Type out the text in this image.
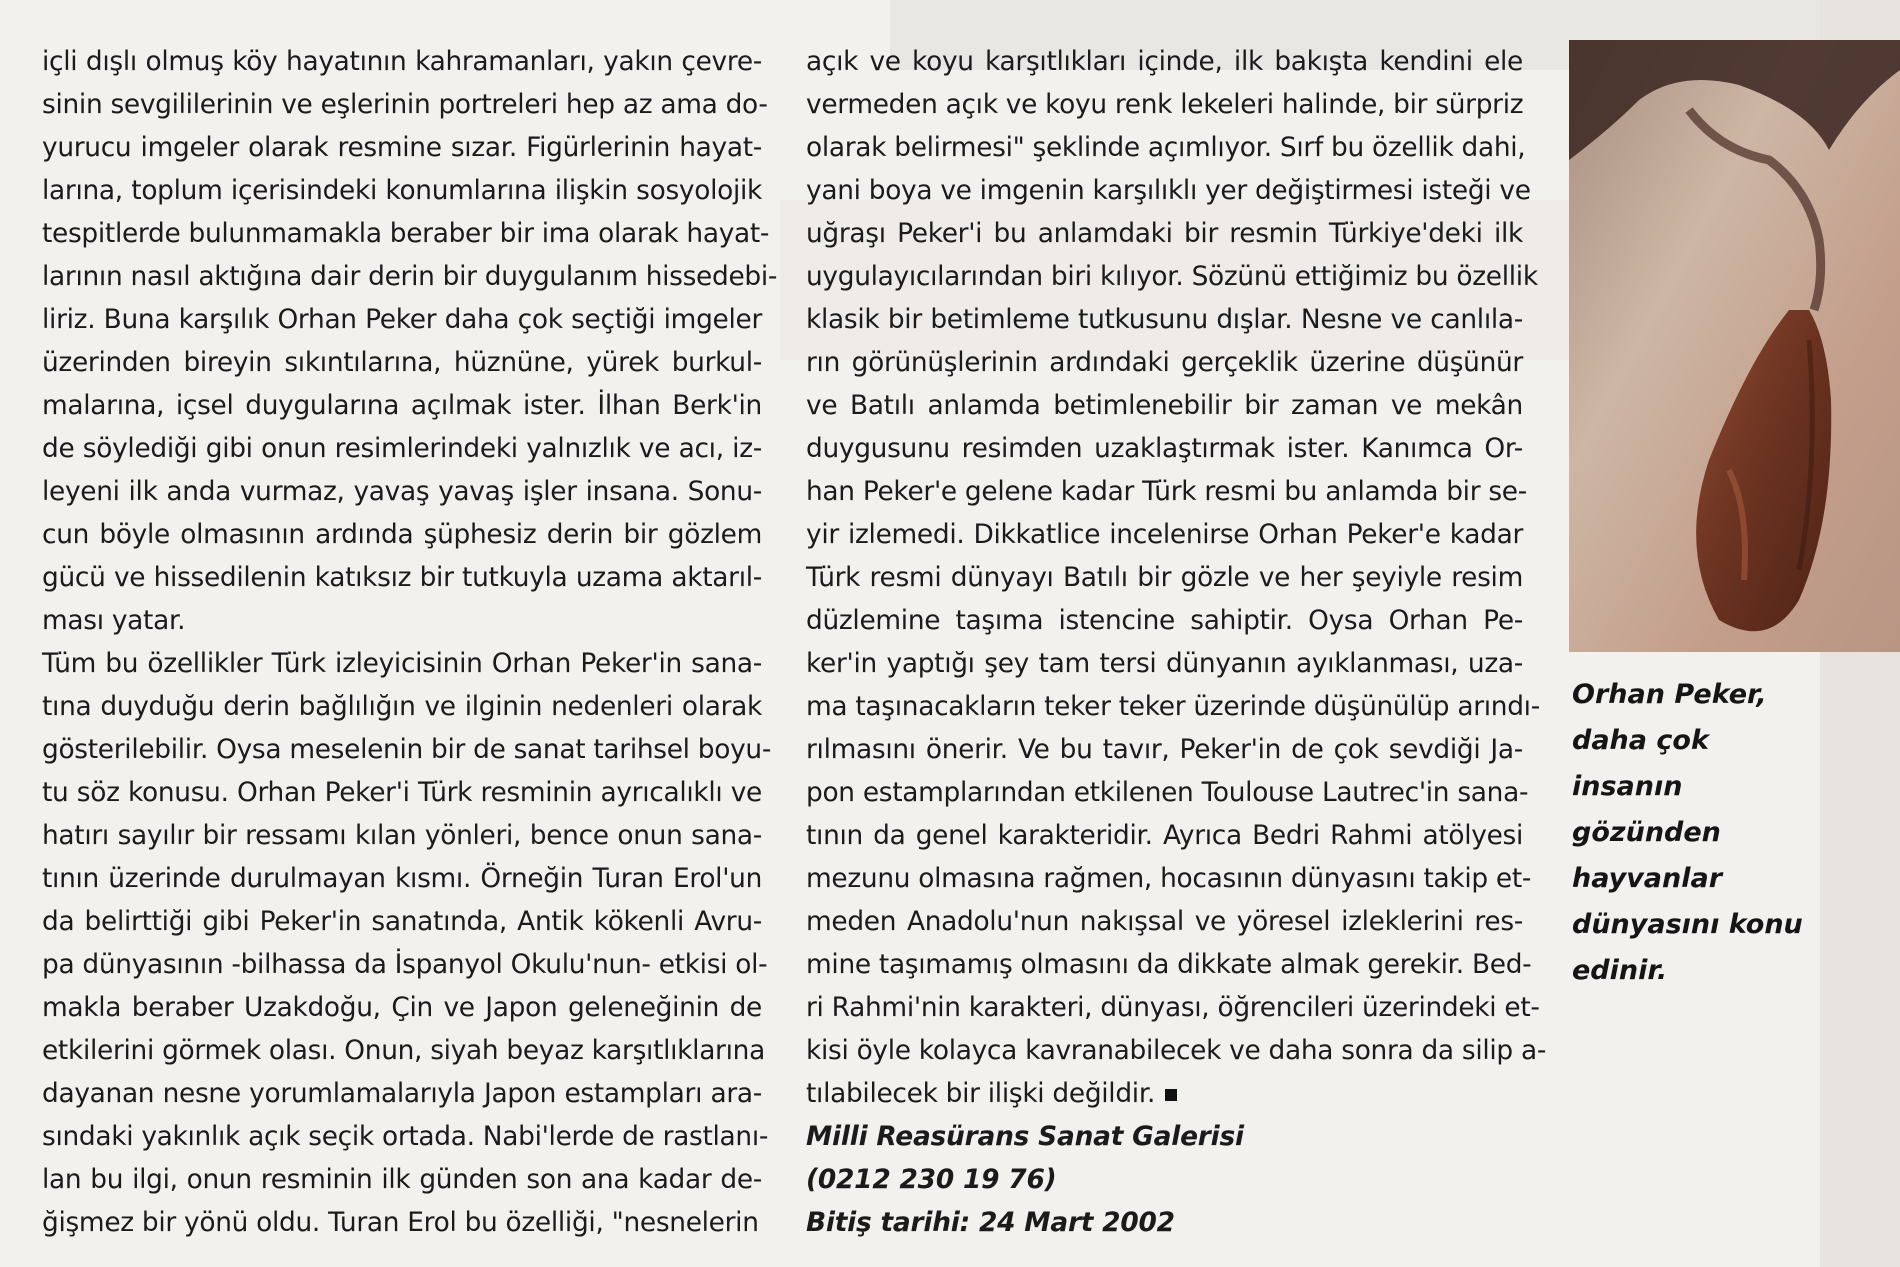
içli dışlı olmuş köy hayatının kahramanları, yakın çevre-
sinin sevgililerinin ve eşlerinin portreleri hep az ama do-
yurucu imgeler olarak resmine sızar. Figürlerinin hayat-
larına, toplum içerisindeki konumlarına ilişkin sosyolojik
tespitlerde bulunmamakla beraber bir ima olarak hayat-
larının nasıl aktığına dair derin bir duygulanım hissedebi-
liriz. Buna karşılık Orhan Peker daha çok seçtiği imgeler
üzerinden bireyin sıkıntılarına, hüznüne, yürek burkul-
malarına, içsel duygularına açılmak ister. İlhan Berk'in
de söylediği gibi onun resimlerindeki yalnızlık ve acı, iz-
leyeni ilk anda vurmaz, yavaş yavaş işler insana. Sonu-
cun böyle olmasının ardında şüphesiz derin bir gözlem
gücü ve hissedilenin katıksız bir tutkuyla uzama aktarıl-
ması yatar.
Tüm bu özellikler Türk izleyicisinin Orhan Peker'in sana-
tına duyduğu derin bağlılığın ve ilginin nedenleri olarak
gösterilebilir. Oysa meselenin bir de sanat tarihsel boyu-
tu söz konusu. Orhan Peker'i Türk resminin ayrıcalıklı ve
hatırı sayılır bir ressamı kılan yönleri, bence onun sana-
tının üzerinde durulmayan kısmı. Örneğin Turan Erol'un
da belirttiği gibi Peker'in sanatında, Antik kökenli Avru-
pa dünyasının -bilhassa da İspanyol Okulu'nun- etkisi ol-
makla beraber Uzakdoğu, Çin ve Japon geleneğinin de
etkilerini görmek olası. Onun, siyah beyaz karşıtlıklarına
dayanan nesne yorumlamalarıyla Japon estampları ara-
sındaki yakınlık açık seçik ortada. Nabi'lerde de rastlanı-
lan bu ilgi, onun resminin ilk günden son ana kadar de-
ğişmez bir yönü oldu. Turan Erol bu özelliği, "nesnelerin
açık ve koyu karşıtlıkları içinde, ilk bakışta kendini ele
vermeden açık ve koyu renk lekeleri halinde, bir sürpriz
olarak belirmesi" şeklinde açımlıyor. Sırf bu özellik dahi,
yani boya ve imgenin karşılıklı yer değiştirmesi isteği ve
uğraşı Peker'i bu anlamdaki bir resmin Türkiye'deki ilk
uygulayıcılarından biri kılıyor. Sözünü ettiğimiz bu özellik
klasik bir betimleme tutkusunu dışlar. Nesne ve canlıla-
rın görünüşlerinin ardındaki gerçeklik üzerine düşünür
ve Batılı anlamda betimlenebilir bir zaman ve mekân
duygusunu resimden uzaklaştırmak ister. Kanımca Or-
han Peker'e gelene kadar Türk resmi bu anlamda bir se-
yir izlemedi. Dikkatlice incelenirse Orhan Peker'e kadar
Türk resmi dünyayı Batılı bir gözle ve her şeyiyle resim
düzlemine taşıma istencine sahiptir. Oysa Orhan Pe-
ker'in yaptığı şey tam tersi dünyanın ayıklanması, uza-
ma taşınacakların teker teker üzerinde düşünülüp arındı-
rılmasını önerir. Ve bu tavır, Peker'in de çok sevdiği Ja-
pon estamplarından etkilenen Toulouse Lautrec'in sana-
tının da genel karakteridir. Ayrıca Bedri Rahmi atölyesi
mezunu olmasına rağmen, hocasının dünyasını takip et-
meden Anadolu'nun nakışsal ve yöresel izleklerini res-
mine taşımamış olmasını da dikkate almak gerekir. Bed-
ri Rahmi'nin karakteri, dünyası, öğrencileri üzerindeki et-
kisi öyle kolayca kavranabilecek ve daha sonra da silip a-
tılabilecek bir ilişki değildir.
Milli Reasürans Sanat Galerisi
(0212 230 19 76)
Bitiş tarihi: 24 Mart 2002
Orhan Peker,
daha çok
insanın
gözünden
hayvanlar
dünyasını konu
edinir.
